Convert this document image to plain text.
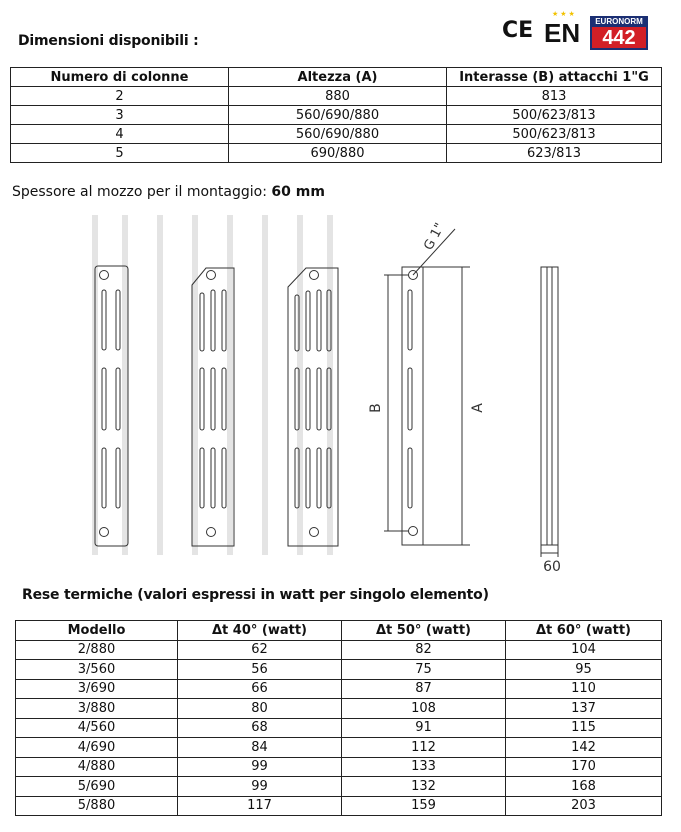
CE
★★★
EN	EURONORM
442
Dimensioni disponibili :
Numero di colonne	Altezza (A)	Interasse (B) attacchi 1"G
2	880	813
3	560/690/880	500/623/813
4	560/690/880	500/623/813
5	690/880	623/813
Spessore al mozzo per il montaggio: 60 mm
G 1"
B	A
60
Rese termiche (valori espressi in watt per singolo elemento)
Modello	Δt 40° (watt)	Δt 50° (watt)	Δt 60° (watt)
2/880	62	82	104
3/560	56	75	95
3/690	66	87	110
3/880	80	108	137
4/560	68	91	115
4/690	84	112	142
4/880	99	133	170
5/690	99	132	168
5/880	117	159	203
